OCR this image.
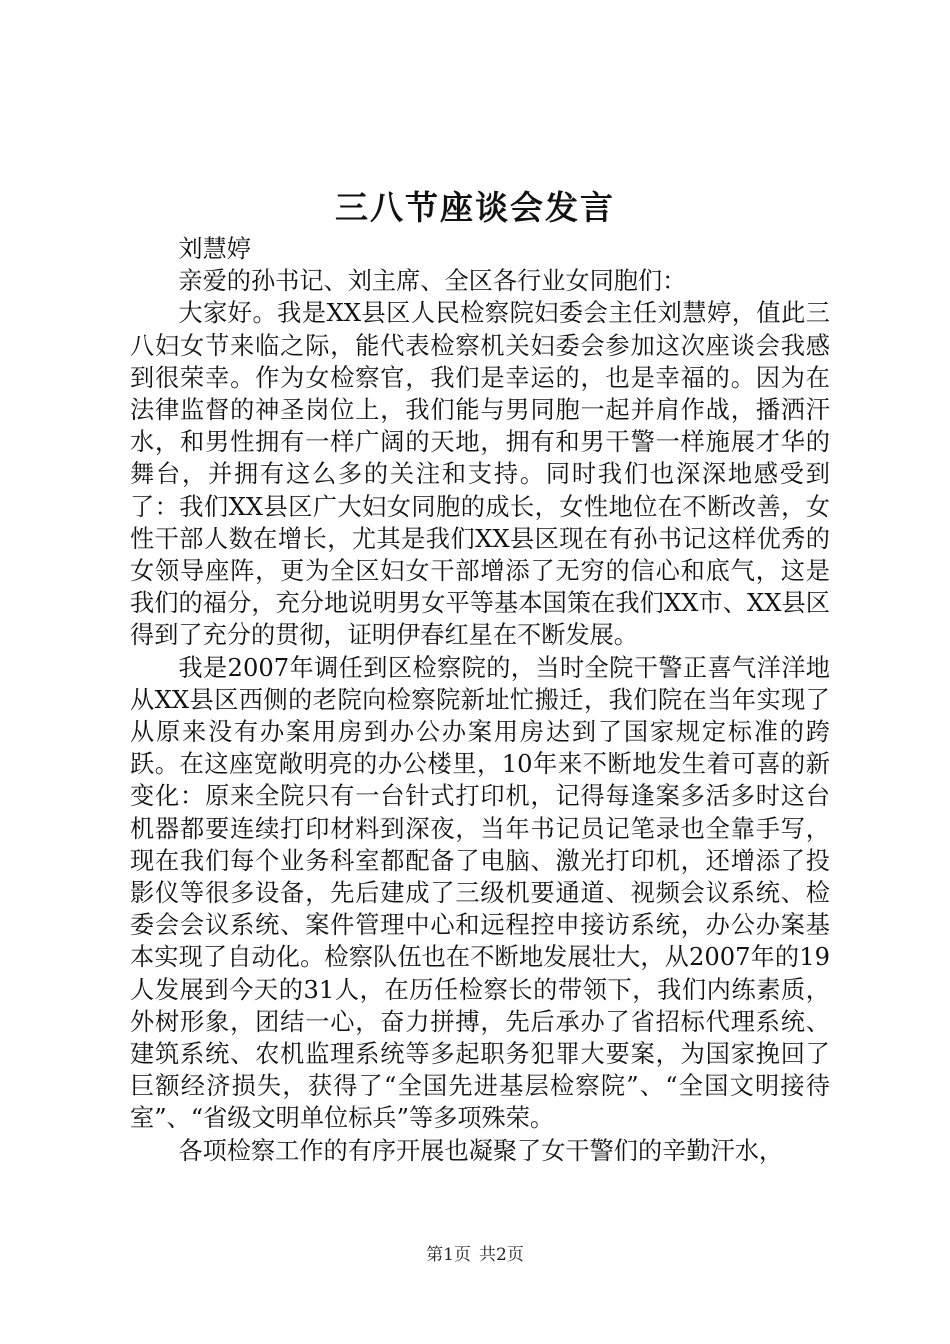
三八节座谈会发言

刘慧婷

亲爱的孙书记、刘主席、全区各行业女同胞们：

大家好。我是XX县区人民检察院妇委会主任刘慧婷，值此三八妇女节来临之际，能代表检察机关妇委会参加这次座谈会我感到很荣幸。作为女检察官，我们是幸运的，也是幸福的。因为在法律监督的神圣岗位上，我们能与男同胞一起并肩作战，播洒汗水，和男性拥有一样广阔的天地，拥有和男干警一样施展才华的舞台，并拥有这么多的关注和支持。同时我们也深深地感受到了：我们XX县区广大妇女同胞的成长，女性地位在不断改善，女性干部人数在增长，尤其是我们XX县区现在有孙书记这样优秀的女领导座阵，更为全区妇女干部增添了无穷的信心和底气，这是我们的福分，充分地说明男女平等基本国策在我们XX市、XX县区得到了充分的贯彻，证明伊春红星在不断发展。

我是2007年调任到区检察院的，当时全院干警正喜气洋洋地从XX县区西侧的老院向检察院新址忙搬迁，我们院在当年实现了从原来没有办案用房到办公办案用房达到了国家规定标准的跨跃。在这座宽敞明亮的办公楼里，10年来不断地发生着可喜的新变化：原来全院只有一台针式打印机，记得每逢案多活多时这台机器都要连续打印材料到深夜，当年书记员记笔录也全靠手写，现在我们每个业务科室都配备了电脑、激光打印机，还增添了投影仪等很多设备，先后建成了三级机要通道、视频会议系统、检委会会议系统、案件管理中心和远程控申接访系统，办公办案基本实现了自动化。检察队伍也在不断地发展壮大，从2007年的19人发展到今天的31人，在历任检察长的带领下，我们内练素质，外树形象，团结一心，奋力拼搏，先后承办了省招标代理系统、建筑系统、农机监理系统等多起职务犯罪大要案，为国家挽回了巨额经济损失，获得了“全国先进基层检察院”、“全国文明接待室”、“省级文明单位标兵”等多项殊荣。

各项检察工作的有序开展也凝聚了女干警们的辛勤汗水，

第1页 共2页
